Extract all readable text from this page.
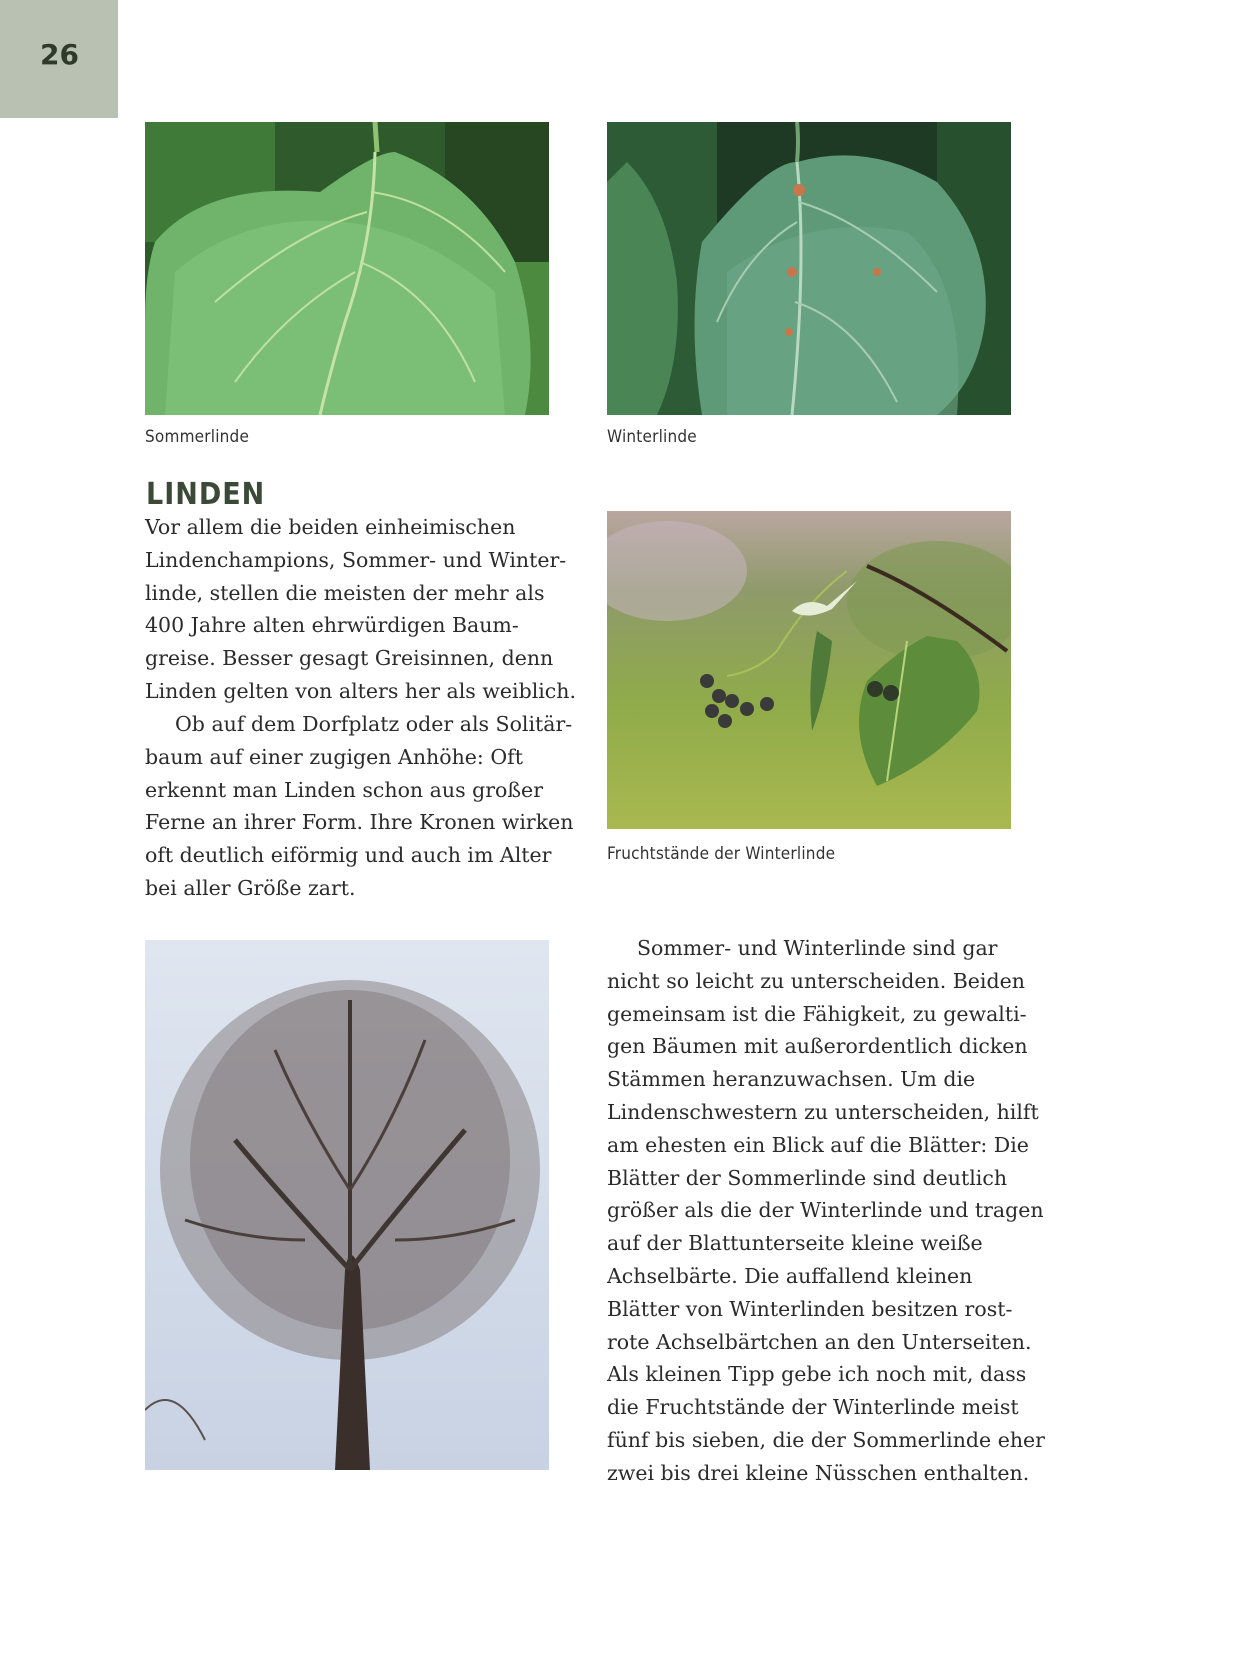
26
Sommerlinde	Winterlinde
LINDEN

Vor allem die beiden einheimischen
Lindenchampions, Sommer- und Winter-
linde, stellen die meisten der mehr als
400 Jahre alten ehrwürdigen Baum-
greise. Besser gesagt Greisinnen, denn
Linden gelten von alters her als weiblich.

Ob auf dem Dorfplatz oder als Solitär-
baum auf einer zugigen Anhöhe: Oft
erkennt man Linden schon aus großer
Ferne an ihrer Form. Ihre Kronen wirken
oft deutlich eiförmig und auch im Alter
bei aller Größe zart.

Fruchtstände der Winterlinde

Sommer- und Winterlinde sind gar
nicht so leicht zu unterscheiden. Beiden
gemeinsam ist die Fähigkeit, zu gewalti-
gen Bäumen mit außerordentlich dicken
Stämmen heranzuwachsen. Um die
Lindenschwestern zu unterscheiden, hilft
am ehesten ein Blick auf die Blätter: Die
Blätter der Sommerlinde sind deutlich
größer als die der Winterlinde und tragen
auf der Blattunterseite kleine weiße
Achselbärte. Die auffallend kleinen
Blätter von Winterlinden besitzen rost-
rote Achselbärtchen an den Unterseiten.
Als kleinen Tipp gebe ich noch mit, dass
die Fruchtstände der Winterlinde meist
fünf bis sieben, die der Sommerlinde eher
zwei bis drei kleine Nüsschen enthalten.
